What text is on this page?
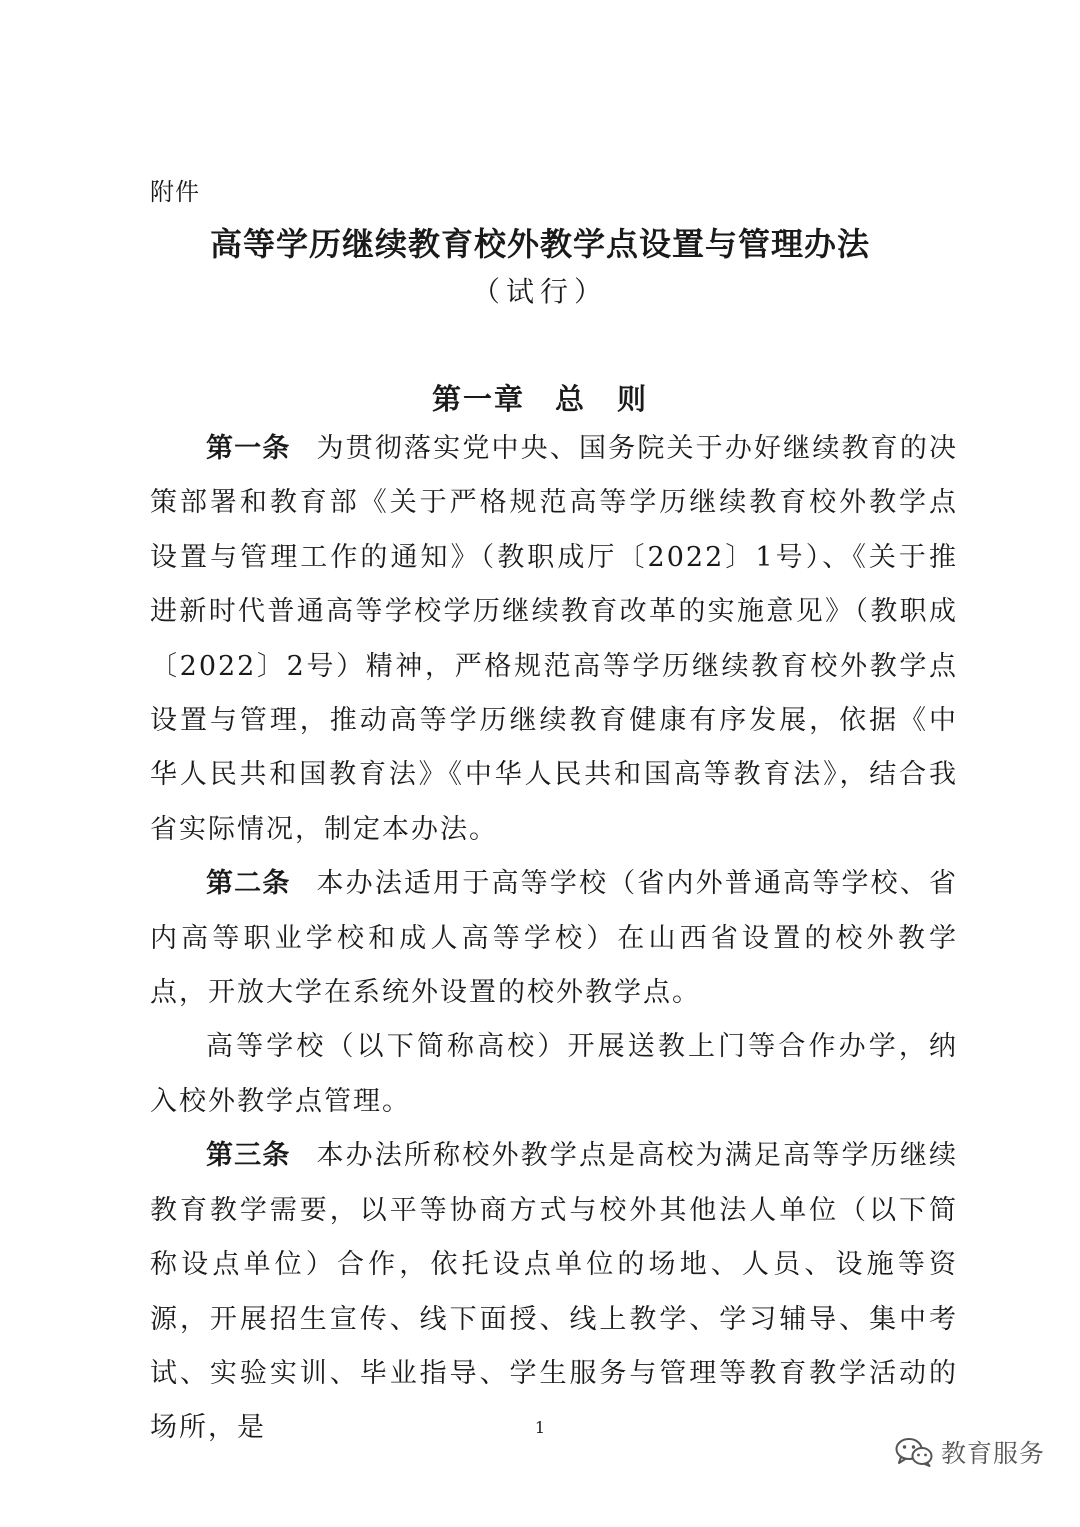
附件
高等学历继续教育校外教学点设置与管理办法
（试行）
第一章 总　则

第一条 为贯彻落实党中央、国务院关于办好继续教育的决策部署和教育部《关于严格规范高等学历继续教育校外教学点设置与管理工作的通知》（教职成厅〔2022〕1号）、《关于推进新时代普通高等学校学历继续教育改革的实施意见》（教职成〔2022〕2号）精神，严格规范高等学历继续教育校外教学点设置与管理，推动高等学历继续教育健康有序发展，依据《中华人民共和国教育法》《中华人民共和国高等教育法》，结合我省实际情况，制定本办法。

第二条 本办法适用于高等学校（省内外普通高等学校、省内高等职业学校和成人高等学校）在山西省设置的校外教学点，开放大学在系统外设置的校外教学点。

高等学校（以下简称高校）开展送教上门等合作办学，纳入校外教学点管理。

第三条 本办法所称校外教学点是高校为满足高等学历继续教育教学需要，以平等协商方式与校外其他法人单位（以下简称设点单位）合作，依托设点单位的场地、人员、设施等资源，开展招生宣传、线下面授、线上教学、学习辅导、集中考试、实验实训、毕业指导、学生服务与管理等教育教学活动的场所，是	1
教育服务
